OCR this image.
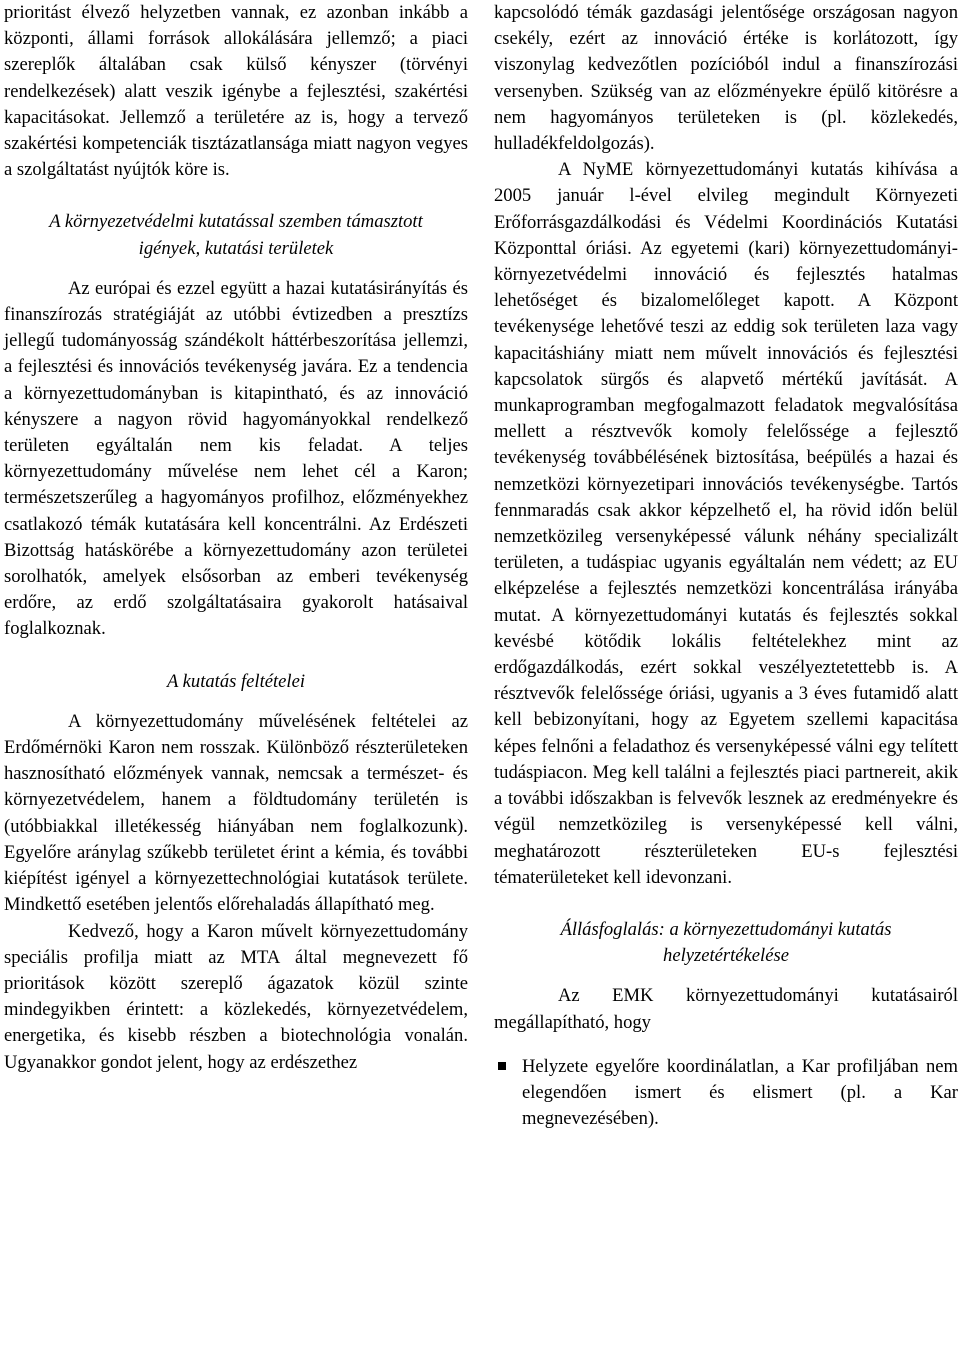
prioritást élvező helyzetben vannak, ez azonban inkább a központi, állami források allokálására jellemző; a piaci szereplők általában csak külső kényszer (törvényi rendelkezések) alatt veszik igénybe a fejlesztési, szakértési kapacitásokat. Jellemző a területére az is, hogy a tervező szakértési kompetenciák tisztázatlansága miatt nagyon vegyes a szolgáltatást nyújtók köre is.

A környezetvédelmi kutatással szemben támasztott igények, kutatási területek

Az európai és ezzel együtt a hazai kutatásirányítás és finanszírozás stratégiáját az utóbbi évtizedben a presztízs jellegű tudományosság szándékolt háttérbeszorítása jellemzi, a fejlesztési és innovációs tevékenység javára. Ez a tendencia a környezettudományban is kitapintható, és az innováció kényszere a nagyon rövid hagyományokkal rendelkező területen egyáltalán nem kis feladat. A teljes környezettudomány művelése nem lehet cél a Karon; természetszerűleg a hagyományos profilhoz, előzményekhez csatlakozó témák kutatására kell koncentrálni. Az Erdészeti Bizottság hatáskörébe a környezettudomány azon területei sorolhatók, amelyek elsősorban az emberi tevékenység erdőre, az erdő szolgáltatásaira gyakorolt hatásaival foglalkoznak.

A kutatás feltételei

A környezettudomány művelésének feltételei az Erdőmérnöki Karon nem rosszak. Különböző részterületeken hasznosítható előzmények vannak, nemcsak a természet- és környezetvédelem, hanem a földtudomány területén is (utóbbiakkal illetékesség hiányában nem foglalkozunk). Egyelőre aránylag szűkebb területet érint a kémia, és további kiépítést igényel a környezettechnológiai kutatások területe. Mindkettő esetében jelentős előrehaladás állapítható meg.

Kedvező, hogy a Karon művelt környezettudomány speciális profilja miatt az MTA által megnevezett fő prioritások között szereplő ágazatok közül szinte mindegyikben érintett: a közlekedés, környezetvédelem, energetika, és kisebb részben a biotechnológia vonalán. Ugyanakkor gondot jelent, hogy az erdészethez

kapcsolódó témák gazdasági jelentősége országosan nagyon csekély, ezért az innováció értéke is korlátozott, így viszonylag kedvezőtlen pozícióból indul a finanszírozási versenyben. Szükség van az előzményekre épülő kitörésre a nem hagyományos területeken is (pl. közlekedés, hulladékfeldolgozás).

A NyME környezettudományi kutatás kihívása a 2005 január l-ével elvileg megindult Környezeti Erőforrásgazdálkodási és Védelmi Koordinációs Kutatási Központtal óriási. Az egyetemi (kari) környezettudományi-környezetvédelmi innováció és fejlesztés hatalmas lehetőséget és bizalomelőleget kapott. A Központ tevékenysége lehetővé teszi az eddig sok területen laza vagy kapacitáshiány miatt nem művelt innovációs és fejlesztési kapcsolatok sürgős és alapvető mértékű javítását. A munkaprogramban megfogalmazott feladatok megvalósítása mellett a résztvevők komoly felelőssége a fejlesztő tevékenység továbbélésének biztosítása, beépülés a hazai és nemzetközi környezetipari innovációs tevékenységbe. Tartós fennmaradás csak akkor képzelhető el, ha rövid időn belül nemzetközileg versenyképessé válunk néhány specializált területen, a tudáspiac ugyanis egyáltalán nem védett; az EU elképzelése a fejlesztés nemzetközi koncentrálása irányába mutat. A környezettudományi kutatás és fejlesztés sokkal kevésbé kötődik lokális feltételekhez mint az erdőgazdálkodás, ezért sokkal veszélyeztetettebb is. A résztvevők felelőssége óriási, ugyanis a 3 éves futamidő alatt kell bebizonyítani, hogy az Egyetem szellemi kapacitása képes felnőni a feladathoz és versenyképessé válni egy telített tudáspiacon. Meg kell találni a fejlesztés piaci partnereit, akik a további időszakban is felvevők lesznek az eredményekre és végül nemzetközileg is versenyképessé kell válni, meghatározott részterületeken EU-s fejlesztési tématerületeket kell idevonzani.

Állásfoglalás: a környezettudományi kutatás helyzetértékelése

Az EMK környezettudományi kutatásairól megállapítható, hogy

Helyzete egyelőre koordinálatlan, a Kar profiljában nem elegendően ismert és elismert (pl. a Kar megnevezésében).
